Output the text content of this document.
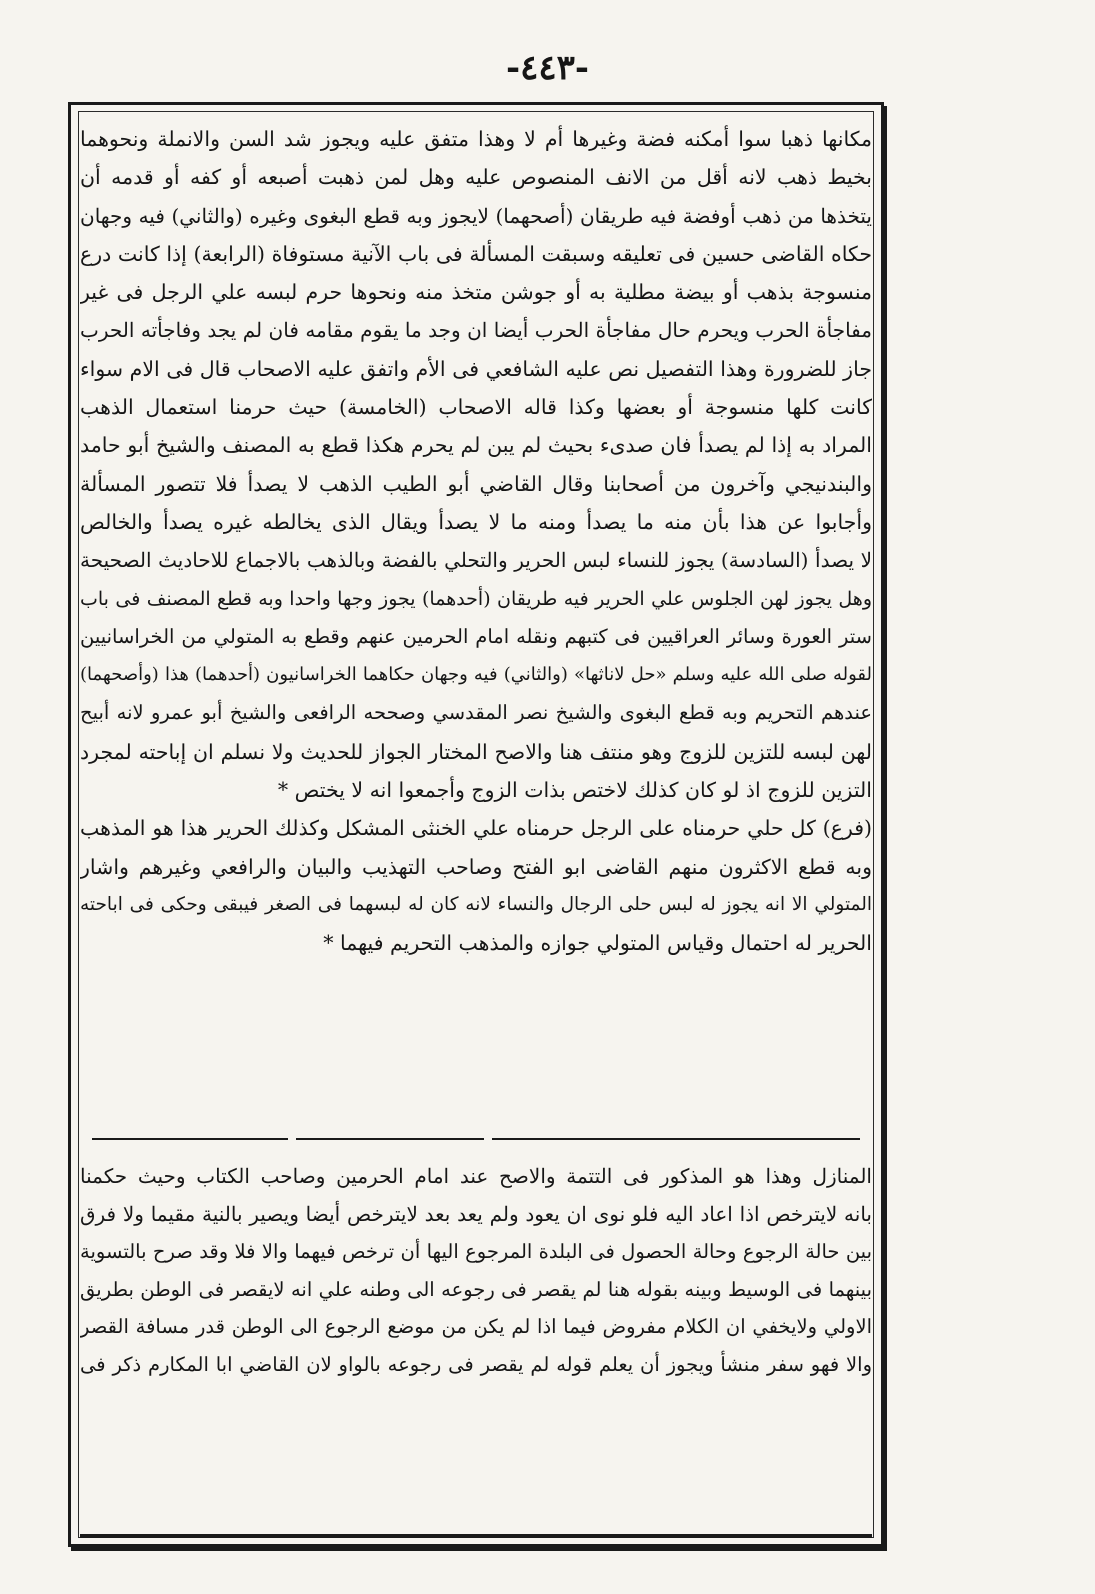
-٤٤٣-
مكانها ذهبا سوا أمكنه فضة وغيرها أم لا وهذا متفق عليه ويجوز شد السن والانملة ونحوهما
بخيط ذهب لانه أقل من الانف المنصوص عليه وهل لمن ذهبت أصبعه أو كفه أو قدمه أن
يتخذها من ذهب أوفضة فيه طريقان (أصحهما) لايجوز وبه قطع البغوى وغيره (والثاني) فيه وجهان
حكاه القاضى حسين فى تعليقه وسبقت المسألة فى باب الآنية مستوفاة (الرابعة) إذا كانت درع
منسوجة بذهب أو بيضة مطلية به أو جوشن متخذ منه ونحوها حرم لبسه علي الرجل فى غير
مفاجأة الحرب ويحرم حال مفاجأة الحرب أيضا ان وجد ما يقوم مقامه فان لم يجد وفاجأته الحرب
جاز للضرورة وهذا التفصيل نص عليه الشافعي فى الأم واتفق عليه الاصحاب قال فى الام سواء
كانت كلها منسوجة أو بعضها وكذا قاله الاصحاب (الخامسة) حيث حرمنا استعمال الذهب
المراد به إذا لم يصدأ فان صدىء بحيث لم يبن لم يحرم هكذا قطع به المصنف والشيخ أبو حامد
والبندنيجي وآخرون من أصحابنا وقال القاضي أبو الطيب الذهب لا يصدأ فلا تتصور المسألة
وأجابوا عن هذا بأن منه ما يصدأ ومنه ما لا يصدأ ويقال الذى يخالطه غيره يصدأ والخالص
لا يصدأ (السادسة) يجوز للنساء لبس الحرير والتحلي بالفضة وبالذهب بالاجماع للاحاديث الصحيحة
وهل يجوز لهن الجلوس علي الحرير فيه طريقان (أحدهما) يجوز وجها واحدا وبه قطع المصنف فى باب
ستر العورة وسائر العراقيين فى كتبهم ونقله امام الحرمين عنهم وقطع به المتولي من الخراسانيين
لقوله صلى الله عليه وسلم «حل لاناثها» (والثاني) فيه وجهان حكاهما الخراسانيون (أحدهما) هذا (وأصحهما)
عندهم التحريم وبه قطع البغوى والشيخ نصر المقدسي وصححه الرافعى والشيخ أبو عمرو لانه أبيح
لهن لبسه للتزين للزوج وهو منتف هنا والاصح المختار الجواز للحديث ولا نسلم ان إباحته لمجرد
التزين للزوج اذ لو كان كذلك لاختص بذات الزوج وأجمعوا انه لا يختص *
(فرع) كل حلي حرمناه على الرجل حرمناه علي الخنثى المشكل وكذلك الحرير هذا هو المذهب
وبه قطع الاكثرون منهم القاضى ابو الفتح وصاحب التهذيب والبيان والرافعي وغيرهم واشار
المتولي الا انه يجوز له لبس حلى الرجال والنساء لانه كان له لبسهما فى الصغر فيبقى وحكى فى اباحته
الحرير له احتمال وقياس المتولي جوازه والمذهب التحريم فيهما *
المنازل وهذا هو المذكور فى التتمة والاصح عند امام الحرمين وصاحب الكتاب وحيث حكمنا
بانه لايترخص اذا اعاد اليه فلو نوى ان يعود ولم يعد بعد لايترخص أيضا ويصير بالنية مقيما ولا فرق
بين حالة الرجوع وحالة الحصول فى البلدة المرجوع اليها أن ترخص فيهما والا فلا وقد صرح بالتسوية
بينهما فى الوسيط وبينه بقوله هنا لم يقصر فى رجوعه الى وطنه علي انه لايقصر فى الوطن بطريق
الاولي ولايخفي ان الكلام مفروض فيما اذا لم يكن من موضع الرجوع الى الوطن قدر مسافة القصر
والا فهو سفر منشأ ويجوز أن يعلم قوله لم يقصر فى رجوعه بالواو لان القاضي ابا المكارم ذكر فى
